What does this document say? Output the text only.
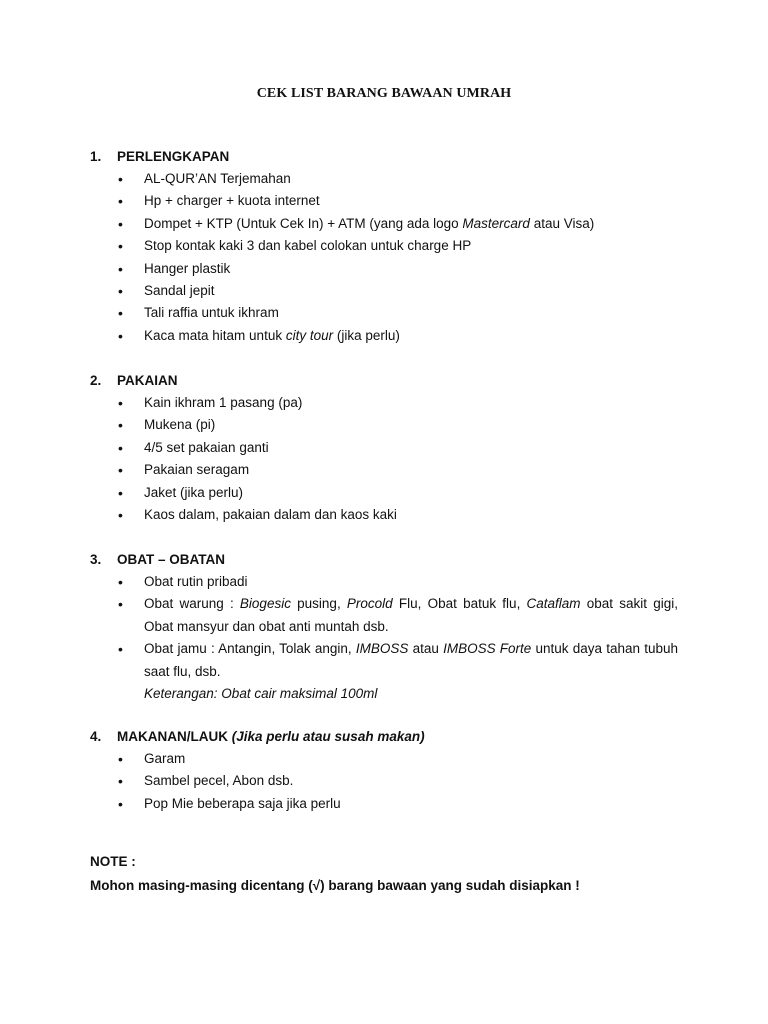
CEK LIST BARANG BAWAAN UMRAH
1. PERLENGKAPAN
• AL-QUR’AN Terjemahan
• Hp + charger + kuota internet
• Dompet + KTP (Untuk Cek In) + ATM (yang ada logo Mastercard atau Visa)
• Stop kontak kaki 3 dan kabel colokan untuk charge HP
• Hanger plastik
• Sandal jepit
• Tali raffia untuk ikhram
• Kaca mata hitam untuk city tour (jika perlu)
2. PAKAIAN
• Kain ikhram 1 pasang (pa)
• Mukena (pi)
• 4/5 set pakaian ganti
• Pakaian seragam
• Jaket (jika perlu)
• Kaos dalam, pakaian dalam dan kaos kaki
3. OBAT – OBATAN
• Obat rutin pribadi
• Obat warung : Biogesic pusing, Procold Flu, Obat batuk flu, Cataflam obat sakit gigi, Obat mansyur dan obat anti muntah dsb.
• Obat jamu : Antangin, Tolak angin, IMBOSS atau IMBOSS Forte untuk daya tahan tubuh saat flu, dsb.
Keterangan: Obat cair maksimal 100ml
4. MAKANAN/LAUK (Jika perlu atau susah makan)
• Garam
• Sambel pecel, Abon dsb.
• Pop Mie beberapa saja jika perlu
NOTE :
Mohon masing-masing dicentang (√) barang bawaan yang sudah disiapkan !
